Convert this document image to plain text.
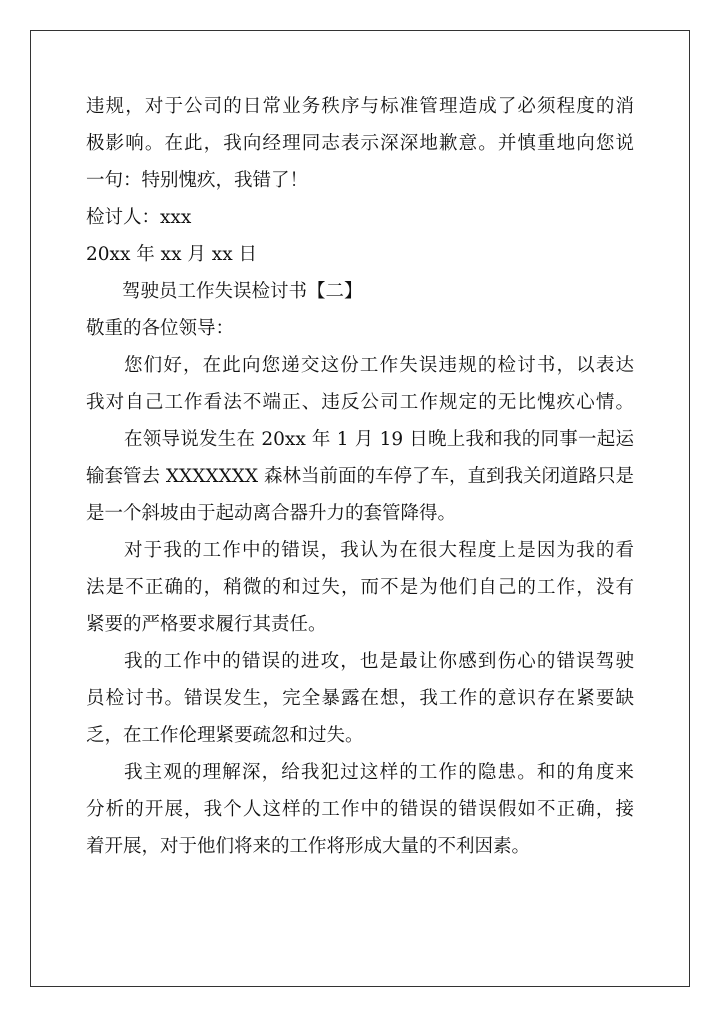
违规，对于公司的日常业务秩序与标准管理造成了必须程度的消

极影响。在此，我向经理同志表示深深地歉意。并慎重地向您说

一句：特别愧疚，我错了！

检讨人：xxx

20xx 年 xx 月 xx 日

驾驶员工作失误检讨书【二】

敬重的各位领导：

您们好，在此向您递交这份工作失误违规的检讨书，以表达

我对自己工作看法不端正、违反公司工作规定的无比愧疚心情。

在领导说发生在 20xx 年 1 月 19 日晚上我和我的同事一起运

输套管去 XXXXXXX 森林当前面的车停了车，直到我关闭道路只是

是一个斜坡由于起动离合器升力的套管降得。

对于我的工作中的错误，我认为在很大程度上是因为我的看

法是不正确的，稍微的和过失，而不是为他们自己的工作，没有

紧要的严格要求履行其责任。

我的工作中的错误的进攻，也是最让你感到伤心的错误驾驶

员检讨书。错误发生，完全暴露在想，我工作的意识存在紧要缺

乏，在工作伦理紧要疏忽和过失。

我主观的理解深，给我犯过这样的工作的隐患。和的角度来

分析的开展，我个人这样的工作中的错误的错误假如不正确，接

着开展，对于他们将来的工作将形成大量的不利因素。
